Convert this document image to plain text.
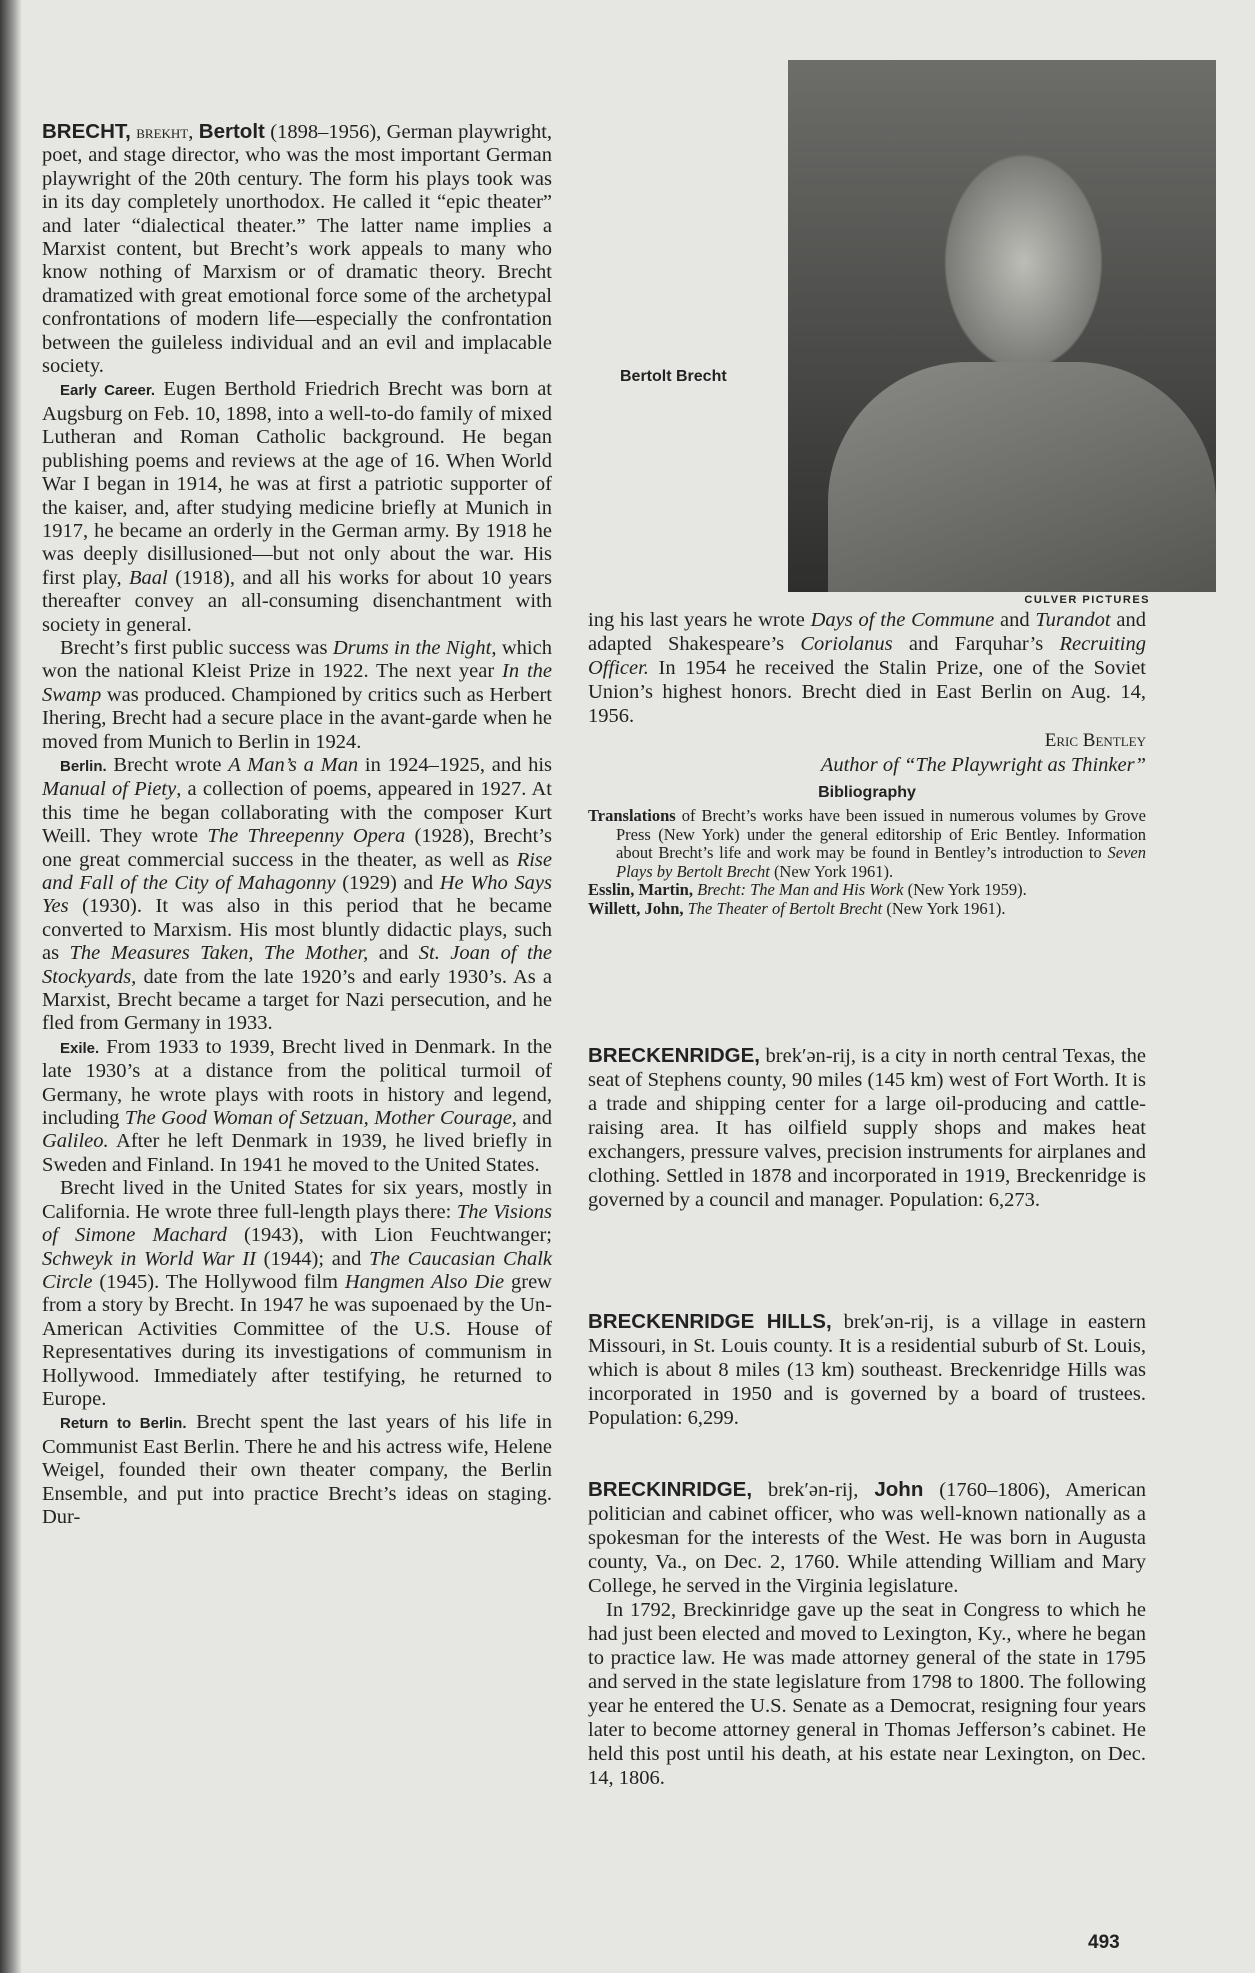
BRECHT, brekht, Bertolt (1898–1956), German playwright, poet, and stage director, who was the most important German playwright of the 20th century. The form his plays took was in its day completely unorthodox. He called it “epic theater” and later “dialectical theater.” The latter name implies a Marxist content, but Brecht’s work appeals to many who know nothing of Marxism or of dramatic theory. Brecht dramatized with great emotional force some of the archetypal confrontations of modern life—especially the confrontation between the guileless individual and an evil and implacable society.

Early Career. Eugen Berthold Friedrich Brecht was born at Augsburg on Feb. 10, 1898, into a well-to-do family of mixed Lutheran and Roman Catholic background. He began publishing poems and reviews at the age of 16. When World War I began in 1914, he was at first a patriotic supporter of the kaiser, and, after studying medicine briefly at Munich in 1917, he became an orderly in the German army. By 1918 he was deeply disillusioned—but not only about the war. His first play, Baal (1918), and all his works for about 10 years thereafter convey an all-consuming disenchantment with society in general.

Brecht’s first public success was Drums in the Night, which won the national Kleist Prize in 1922. The next year In the Swamp was produced. Championed by critics such as Herbert Ihering, Brecht had a secure place in the avant-garde when he moved from Munich to Berlin in 1924.

Berlin. Brecht wrote A Man’s a Man in 1924–1925, and his Manual of Piety, a collection of poems, appeared in 1927. At this time he began collaborating with the composer Kurt Weill. They wrote The Threepenny Opera (1928), Brecht’s one great commercial success in the theater, as well as Rise and Fall of the City of Mahagonny (1929) and He Who Says Yes (1930). It was also in this period that he became converted to Marxism. His most bluntly didactic plays, such as The Measures Taken, The Mother, and St. Joan of the Stockyards, date from the late 1920’s and early 1930’s. As a Marxist, Brecht became a target for Nazi persecution, and he fled from Germany in 1933.

Exile. From 1933 to 1939, Brecht lived in Denmark. In the late 1930’s at a distance from the political turmoil of Germany, he wrote plays with roots in history and legend, including The Good Woman of Setzuan, Mother Courage, and Galileo. After he left Denmark in 1939, he lived briefly in Sweden and Finland. In 1941 he moved to the United States.

Brecht lived in the United States for six years, mostly in California. He wrote three full-length plays there: The Visions of Simone Machard (1943), with Lion Feuchtwanger; Schweyk in World War II (1944); and The Caucasian Chalk Circle (1945). The Hollywood film Hangmen Also Die grew from a story by Brecht. In 1947 he was supoenaed by the Un-American Activities Committee of the U.S. House of Representatives during its investigations of communism in Hollywood. Immediately after testifying, he returned to Europe.

Return to Berlin. Brecht spent the last years of his life in Communist East Berlin. There he and his actress wife, Helene Weigel, founded their own theater company, the Berlin Ensemble, and put into practice Brecht’s ideas on staging. Dur-

Bertolt Brecht
CULVER PICTURES

ing his last years he wrote Days of the Commune and Turandot and adapted Shakespeare’s Coriolanus and Farquhar’s Recruiting Officer. In 1954 he received the Stalin Prize, one of the Soviet Union’s highest honors. Brecht died in East Berlin on Aug. 14, 1956.

Eric Bentley

Author of “The Playwright as Thinker”

Bibliography
Translations of Brecht’s works have been issued in numerous volumes by Grove Press (New York) under the general editorship of Eric Bentley. Information about Brecht’s life and work may be found in Bentley’s introduction to Seven Plays by Bertolt Brecht (New York 1961).
Esslin, Martin, Brecht: The Man and His Work (New York 1959).
Willett, John, The Theater of Bertolt Brecht (New York 1961).

BRECKENRIDGE, brek′ən-rij, is a city in north central Texas, the seat of Stephens county, 90 miles (145 km) west of Fort Worth. It is a trade and shipping center for a large oil-producing and cattle-raising area. It has oilfield supply shops and makes heat exchangers, pressure valves, precision instruments for airplanes and clothing. Settled in 1878 and incorporated in 1919, Breckenridge is governed by a council and manager. Population: 6,273.

BRECKENRIDGE HILLS, brek′ən-rij, is a village in eastern Missouri, in St. Louis county. It is a residential suburb of St. Louis, which is about 8 miles (13 km) southeast. Breckenridge Hills was incorporated in 1950 and is governed by a board of trustees. Population: 6,299.

BRECKINRIDGE, brek′ən-rij, John (1760–1806), American politician and cabinet officer, who was well-known nationally as a spokesman for the interests of the West. He was born in Augusta county, Va., on Dec. 2, 1760. While attending William and Mary College, he served in the Virginia legislature.

In 1792, Breckinridge gave up the seat in Congress to which he had just been elected and moved to Lexington, Ky., where he began to practice law. He was made attorney general of the state in 1795 and served in the state legislature from 1798 to 1800. The following year he entered the U.S. Senate as a Democrat, resigning four years later to become attorney general in Thomas Jefferson’s cabinet. He held this post until his death, at his estate near Lexington, on Dec. 14, 1806.

493
